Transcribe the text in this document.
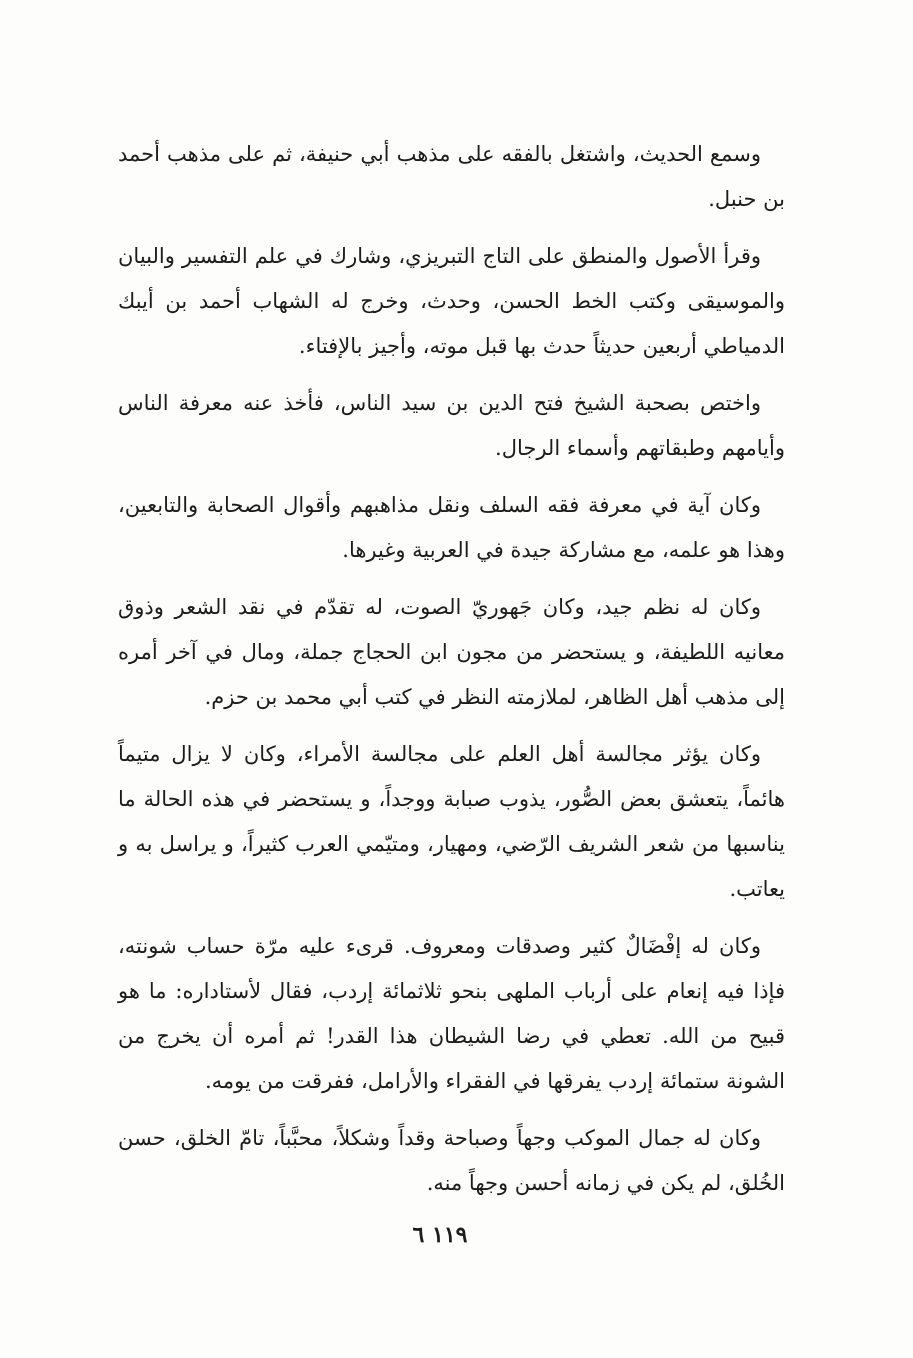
وسمع الحديث، واشتغل بالفقه على مذهب أبي حنيفة، ثم على مذهب أحمد بن حنبل.

وقرأ الأصول والمنطق على التاج التبريزي، وشارك في علم التفسير والبيان والموسيقى وكتب الخط الحسن، وحدث، وخرج له الشهاب أحمد بن أيبك الدمياطي أربعين حديثاً حدث بها قبل موته، وأجيز بالإفتاء.

واختص بصحبة الشيخ فتح الدين بن سيد الناس، فأخذ عنه معرفة الناس وأيامهم وطبقاتهم وأسماء الرجال.

وكان آية في معرفة فقه السلف ونقل مذاهبهم وأقوال الصحابة والتابعين، وهذا هو علمه، مع مشاركة جيدة في العربية وغيرها.

وكان له نظم جيد، وكان جَهوريّ الصوت، له تقدّم في نقد الشعر وذوق معانيه اللطيفة، و يستحضر من مجون ابن الحجاج جملة، ومال في آخر أمره إلى مذهب أهل الظاهر، لملازمته النظر في كتب أبي محمد بن حزم.

وكان يؤثر مجالسة أهل العلم على مجالسة الأمراء، وكان لا يزال متيماً هائماً، يتعشق بعض الصُّور، يذوب صبابة ووجداً، و يستحضر في هذه الحالة ما يناسبها من شعر الشريف الرّضي، ومهيار، ومتيّمي العرب كثيراً، و يراسل به و يعاتب.

وكان له إفْضَالٌ كثير وصدقات ومعروف. قرىء عليه مرّة حساب شونته، فإذا فيه إنعام على أرباب الملهى بنحو ثلاثمائة إردب، فقال لأستاداره: ما هو قبيح من الله. تعطي في رضا الشيطان هذا القدر! ثم أمره أن يخرج من الشونة ستمائة إردب يفرقها في الفقراء والأرامل، ففرقت من يومه.

وكان له جمال الموكب وجهاً وصباحة وقداً وشكلاً، محبَّباً، تامّ الخلق، حسن الخُلق، لم يكن في زمانه أحسن وجهاً منه.

١١٩ ٦
